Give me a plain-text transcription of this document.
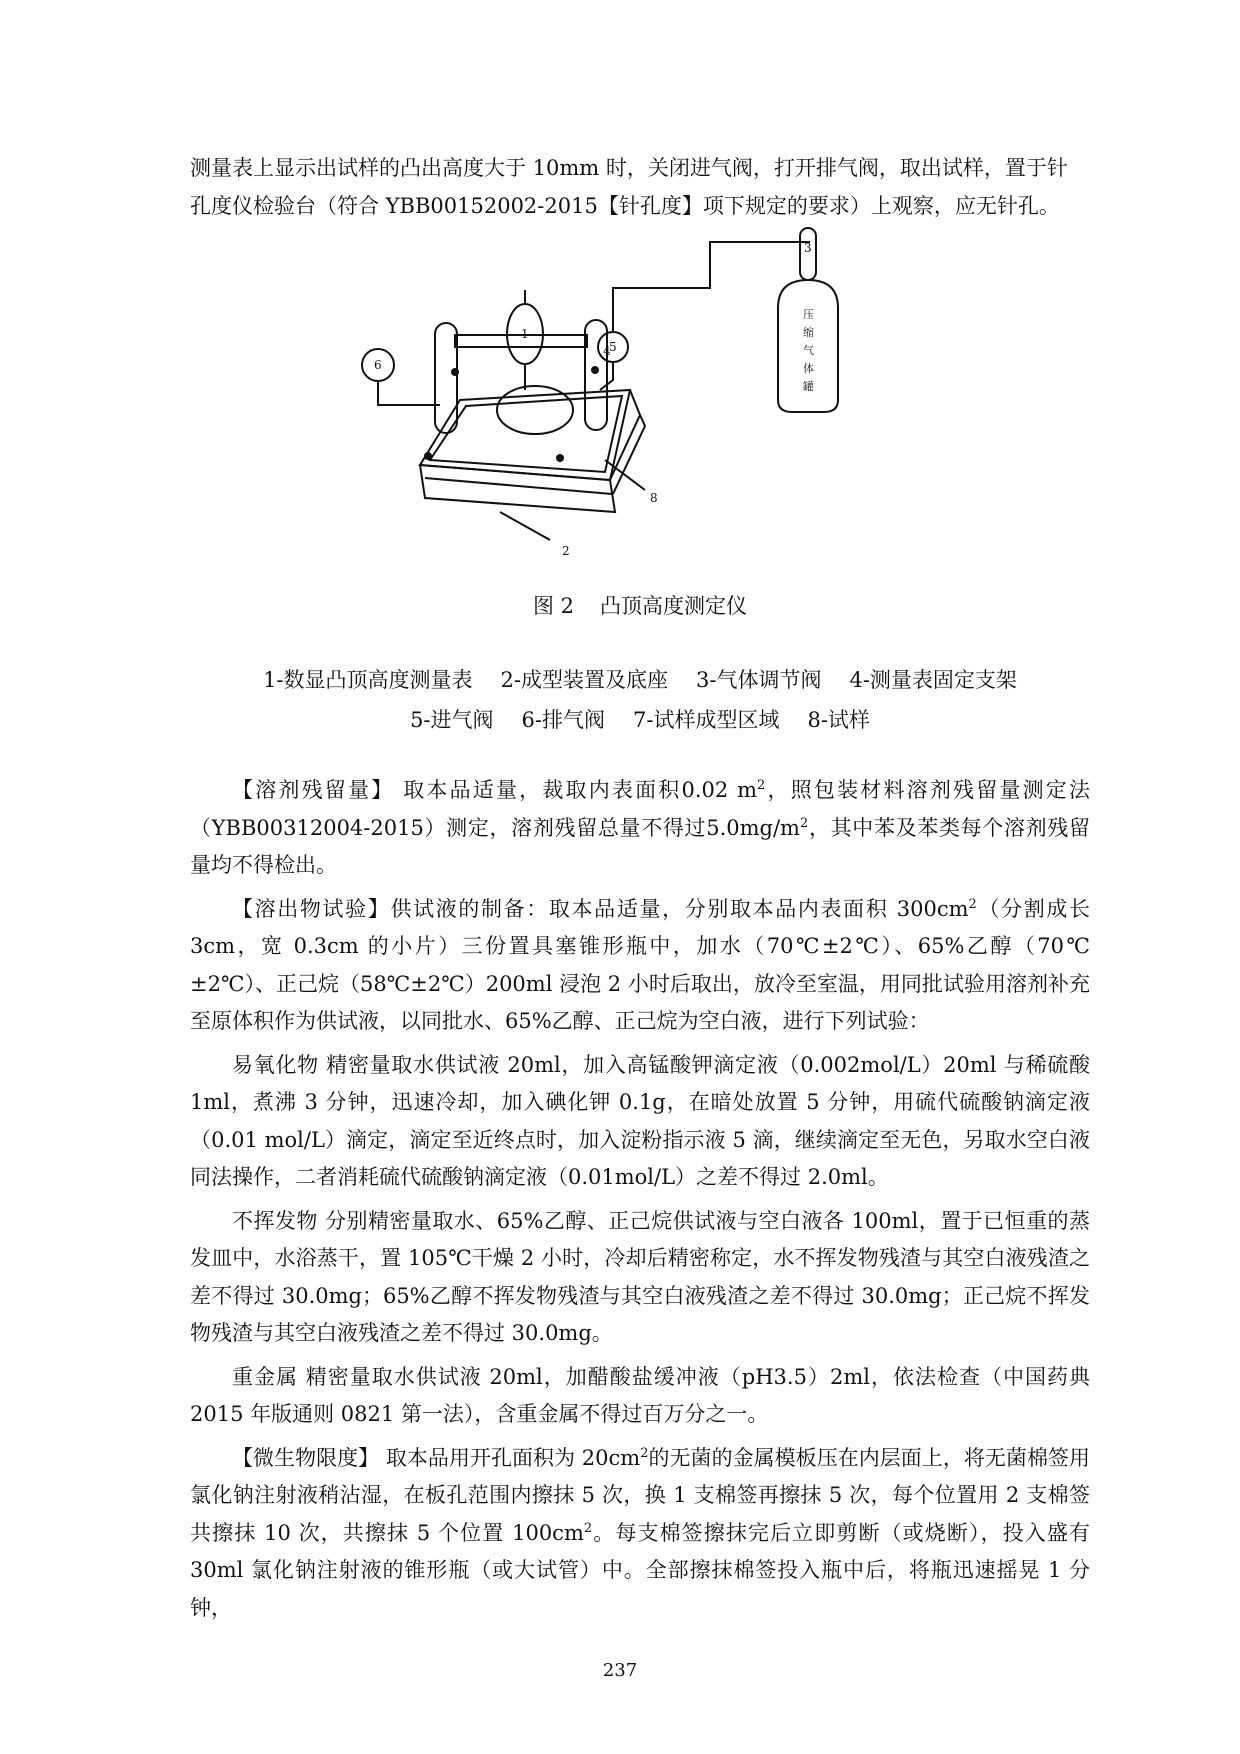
测量表上显示出试样的凸出高度大于 10mm 时，关闭进气阀，打开排气阀，取出试样，置于针

孔度仪检验台（符合 YBB00152002-2015【针孔度】项下规定的要求）上观察，应无针孔。

1
2
3
4
5
6
8
压
缩
气
体
罐
图 2 凸顶高度测定仪
1-数显凸顶高度测量表 2-成型装置及底座 3-气体调节阀 4-测量表固定支架
5-进气阀 6-排气阀 7-试样成型区域 8-试样

【溶剂残留量】 取本品适量，裁取内表面积0.02 $m^2$，照包装材料溶剂残留量测定法（YBB00312004-2015）测定，溶剂残留总量不得过$5.0mg/m^2$，其中苯及苯类每个溶剂残留量均不得检出。

【溶出物试验】供试液的制备：取本品适量，分别取本品内表面积 $300cm^2$（分割成长 3cm，宽 0.3cm 的小片）三份置具塞锥形瓶中，加水（70℃±2℃）、65%乙醇（70℃±2℃）、正己烷（58℃±2℃）200ml 浸泡 2 小时后取出，放冷至室温，用同批试验用溶剂补充至原体积作为供试液，以同批水、65%乙醇、正己烷为空白液，进行下列试验：

易氧化物 精密量取水供试液 20ml，加入高锰酸钾滴定液（0.002mol/L）20ml 与稀硫酸 1ml，煮沸 3 分钟，迅速冷却，加入碘化钾 0.1g，在暗处放置 5 分钟，用硫代硫酸钠滴定液（0.01 mol/L）滴定，滴定至近终点时，加入淀粉指示液 5 滴，继续滴定至无色，另取水空白液同法操作，二者消耗硫代硫酸钠滴定液（0.01mol/L）之差不得过 2.0ml。

不挥发物 分别精密量取水、65%乙醇、正己烷供试液与空白液各 100ml，置于已恒重的蒸发皿中，水浴蒸干，置 105℃干燥 2 小时，冷却后精密称定，水不挥发物残渣与其空白液残渣之差不得过 30.0mg；65%乙醇不挥发物残渣与其空白液残渣之差不得过 30.0mg；正己烷不挥发物残渣与其空白液残渣之差不得过 30.0mg。

重金属 精密量取水供试液 20ml，加醋酸盐缓冲液（pH3.5）2ml，依法检查（中国药典 2015 年版通则 0821 第一法），含重金属不得过百万分之一。

【微生物限度】 取本品用开孔面积为 $20cm^2$的无菌的金属模板压在内层面上，将无菌棉签用氯化钠注射液稍沾湿，在板孔范围内擦抹 5 次，换 1 支棉签再擦抹 5 次，每个位置用 2 支棉签共擦抹 10 次，共擦抹 5 个位置 $100cm^2$。每支棉签擦抹完后立即剪断（或烧断），投入盛有 30ml 氯化钠注射液的锥形瓶（或大试管）中。全部擦抹棉签投入瓶中后，将瓶迅速摇晃 1 分钟，

237
